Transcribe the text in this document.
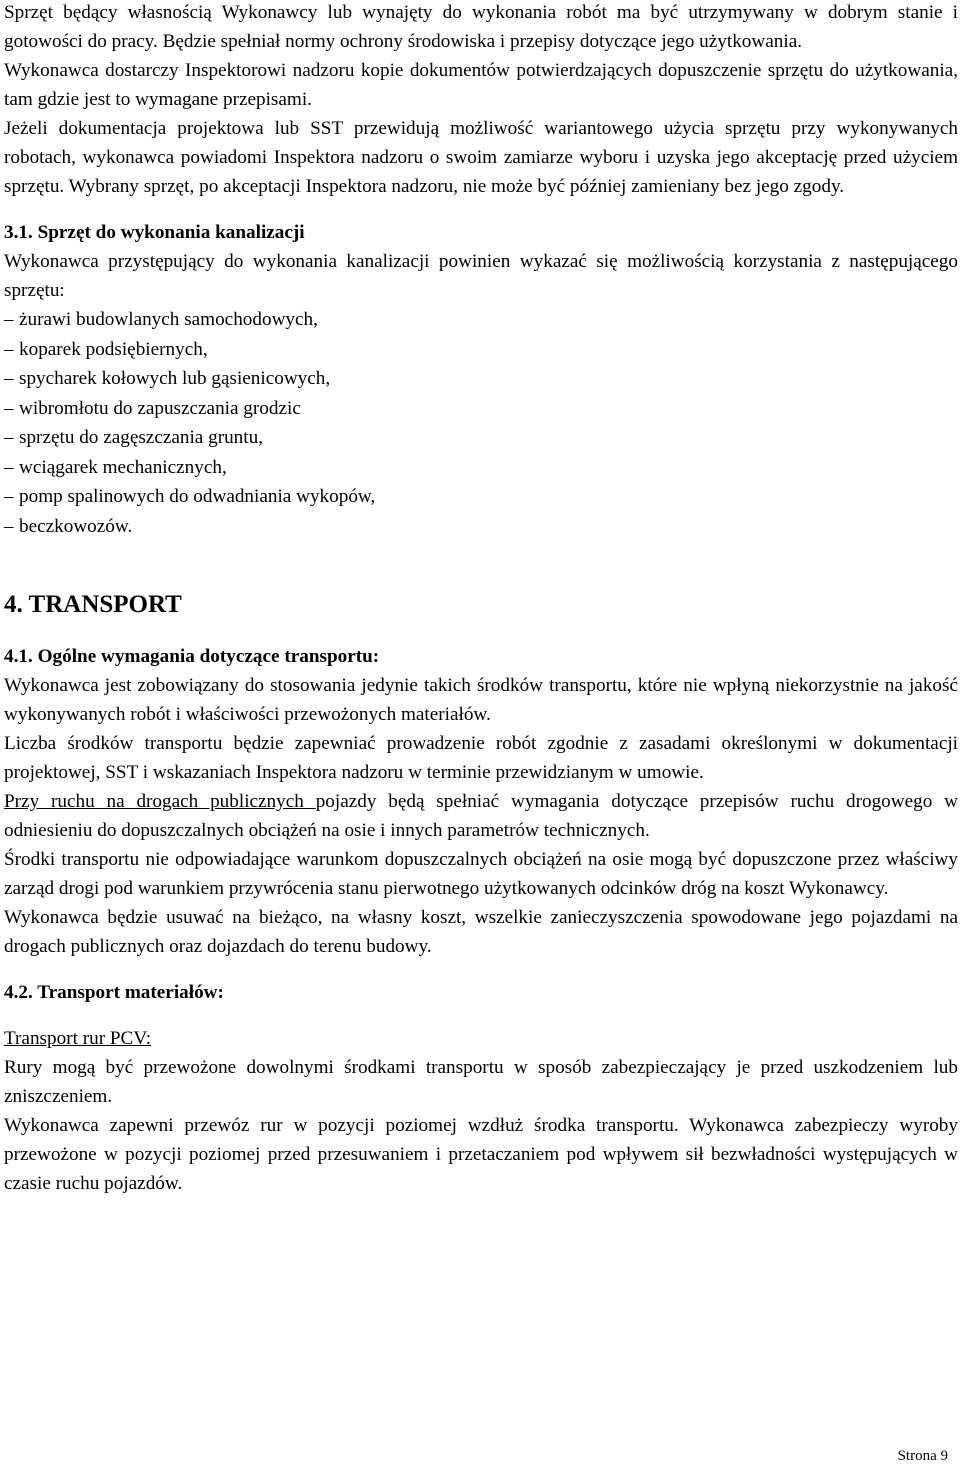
Sprzęt będący własnością Wykonawcy lub wynajęty do wykonania robót ma być utrzymywany w dobrym stanie i gotowości do pracy. Będzie spełniał normy ochrony środowiska i przepisy dotyczące jego użytkowania.

Wykonawca dostarczy Inspektorowi nadzoru kopie dokumentów potwierdzających dopuszczenie sprzętu do użytkowania, tam gdzie jest to wymagane przepisami.

Jeżeli dokumentacja projektowa lub SST przewidują możliwość wariantowego użycia sprzętu przy wykonywanych robotach, wykonawca powiadomi Inspektora nadzoru o swoim zamiarze wyboru i uzyska jego akceptację przed użyciem sprzętu. Wybrany sprzęt, po akceptacji Inspektora nadzoru, nie może być później zamieniany bez jego zgody.

3.1. Sprzęt do wykonania kanalizacji

Wykonawca przystępujący do wykonania kanalizacji powinien wykazać się możliwością korzystania z następującego sprzętu:

– żurawi budowlanych samochodowych,
– koparek podsiębiernych,
– spycharek kołowych lub gąsienicowych,
– wibromłotu do zapuszczania grodzic
– sprzętu do zagęszczania gruntu,
– wciągarek mechanicznych,
– pomp spalinowych do odwadniania wykopów,
– beczkowozów.
4. TRANSPORT
4.1. Ogólne wymagania dotyczące transportu:

Wykonawca jest zobowiązany do stosowania jedynie takich środków transportu, które nie wpłyną niekorzystnie na jakość wykonywanych robót i właściwości przewożonych materiałów.

Liczba środków transportu będzie zapewniać prowadzenie robót zgodnie z zasadami określonymi w dokumentacji projektowej, SST i wskazaniach Inspektora nadzoru w terminie przewidzianym w umowie.

Przy ruchu na drogach publicznych pojazdy będą spełniać wymagania dotyczące przepisów ruchu drogowego w odniesieniu do dopuszczalnych obciążeń na osie i innych parametrów technicznych.

Środki transportu nie odpowiadające warunkom dopuszczalnych obciążeń na osie mogą być dopuszczone przez właściwy zarząd drogi pod warunkiem przywrócenia stanu pierwotnego użytkowanych odcinków dróg na koszt Wykonawcy.

Wykonawca będzie usuwać na bieżąco, na własny koszt, wszelkie zanieczyszczenia spowodowane jego pojazdami na drogach publicznych oraz dojazdach do terenu budowy.

4.2. Transport materiałów:

Transport rur PCV:

Rury mogą być przewożone dowolnymi środkami transportu w sposób zabezpieczający je przed uszkodzeniem lub zniszczeniem.

Wykonawca zapewni przewóz rur w pozycji poziomej wzdłuż środka transportu. Wykonawca zabezpieczy wyroby przewożone w pozycji poziomej przed przesuwaniem i przetaczaniem pod wpływem sił bezwładności występujących w czasie ruchu pojazdów.

Strona 9
